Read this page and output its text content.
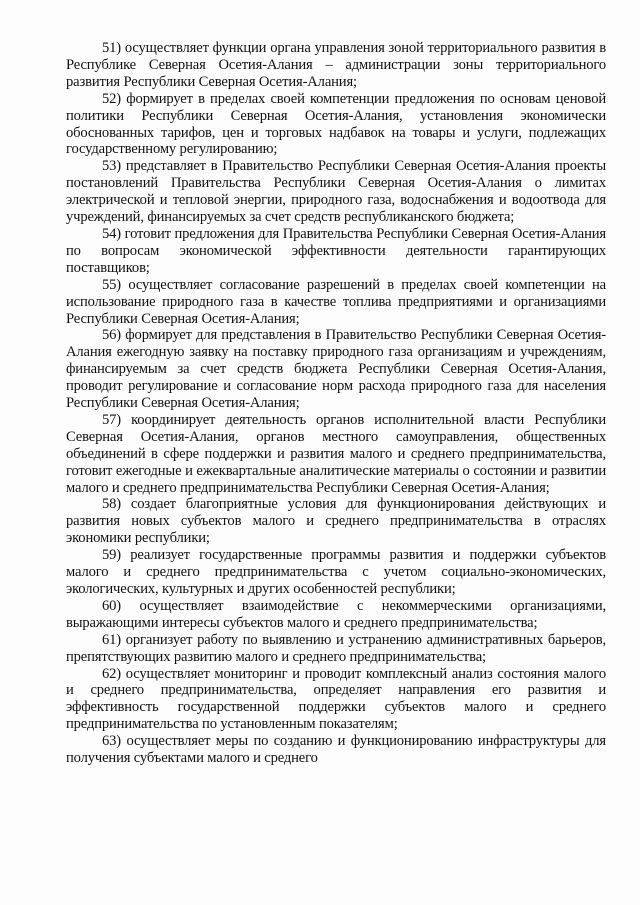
51) осуществляет функции органа управления зоной территориального развития в Республике Северная Осетия-Алания – администрации зоны территориального развития Республики Северная Осетия-Алания;

52) формирует в пределах своей компетенции предложения по основам ценовой политики Республики Северная Осетия-Алания, установления экономически обоснованных тарифов, цен и торговых надбавок на товары и услуги, подлежащих государственному регулированию;

53) представляет в Правительство Республики Северная Осетия-Алания проекты постановлений Правительства Республики Северная Осетия-Алания о лимитах электрической и тепловой энергии, природного газа, водоснабжения и водоотвода для учреждений, финансируемых за счет средств республиканского бюджета;

54) готовит предложения для Правительства Республики Северная Осетия-Алания по вопросам экономической эффективности деятельности гарантирующих поставщиков;

55) осуществляет согласование разрешений в пределах своей компетенции на использование природного газа в качестве топлива предприятиями и организациями Республики Северная Осетия-Алания;

56) формирует для представления в Правительство Республики Северная Осетия-Алания ежегодную заявку на поставку природного газа организациям и учреждениям, финансируемым за счет средств бюджета Республики Северная Осетия-Алания, проводит регулирование и согласование норм расхода природного газа для населения Республики Северная Осетия-Алания;

57) координирует деятельность органов исполнительной власти Республики Северная Осетия-Алания, органов местного самоуправления, общественных объединений в сфере поддержки и развития малого и среднего предпринимательства, готовит ежегодные и ежеквартальные аналитические материалы о состоянии и развитии малого и среднего предпринимательства Республики Северная Осетия-Алания;

58) создает благоприятные условия для функционирования действующих и развития новых субъектов малого и среднего предпринимательства в отраслях экономики республики;

59) реализует государственные программы развития и поддержки субъектов малого и среднего предпринимательства с учетом социально-экономических, экологических, культурных и других особенностей республики;

60) осуществляет взаимодействие с некоммерческими организациями, выражающими интересы субъектов малого и среднего предпринимательства;

61) организует работу по выявлению и устранению административных барьеров, препятствующих развитию малого и среднего предпринимательства;

62) осуществляет мониторинг и проводит комплексный анализ состояния малого и среднего предпринимательства, определяет направления его развития и эффективность государственной поддержки субъектов малого и среднего предпринимательства по установленным показателям;

63) осуществляет меры по созданию и функционированию инфраструктуры для получения субъектами малого и среднего
